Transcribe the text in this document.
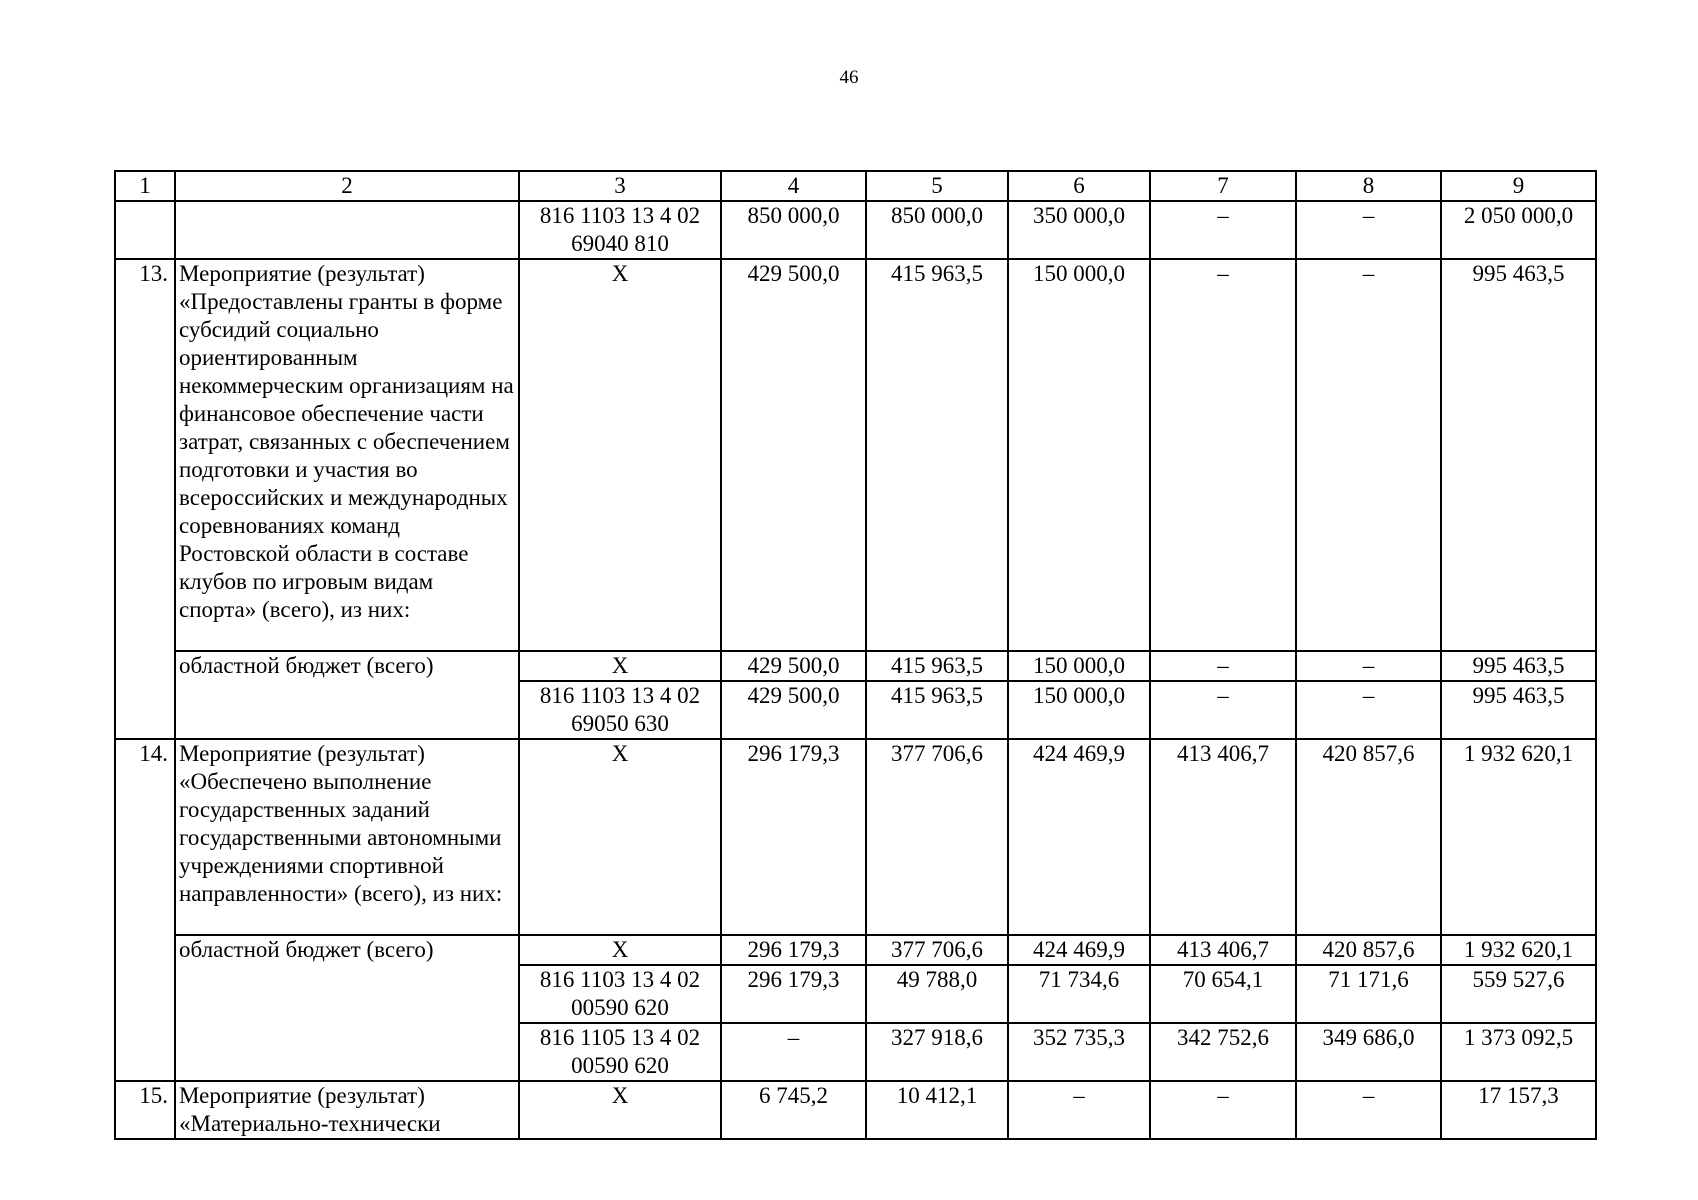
46
1	2	3	4	5	6	7	8	9
		816 1103 13 4 02 69040 810	850 000,0	850 000,0	350 000,0	–	–	2 050 000,0
13.	Мероприятие (результат) «Предоставлены гранты в форме субсидий социально ориентированным некоммерческим организациям на финансовое обеспечение части затрат, связанных с обеспечением подготовки и участия во всероссийских и международных соревнованиях команд Ростовской области в составе клубов по игровым видам спорта» (всего), из них:	Х	429 500,0	415 963,5	150 000,0	–	–	995 463,5
	областной бюджет (всего)	Х	429 500,0	415 963,5	150 000,0	–	–	995 463,5
		816 1103 13 4 02 69050 630	429 500,0	415 963,5	150 000,0	–	–	995 463,5
14.	Мероприятие (результат) «Обеспечено выполнение государственных заданий государственными автономными учреждениями спортивной направленности» (всего), из них:	Х	296 179,3	377 706,6	424 469,9	413 406,7	420 857,6	1 932 620,1
	областной бюджет (всего)	Х	296 179,3	377 706,6	424 469,9	413 406,7	420 857,6	1 932 620,1
		816 1103 13 4 02 00590 620	296 179,3	49 788,0	71 734,6	70 654,1	71 171,6	559 527,6
		816 1105 13 4 02 00590 620	–	327 918,6	352 735,3	342 752,6	349 686,0	1 373 092,5
15.	Мероприятие (результат) «Материально-технически	Х	6 745,2	10 412,1	–	–	–	17 157,3
